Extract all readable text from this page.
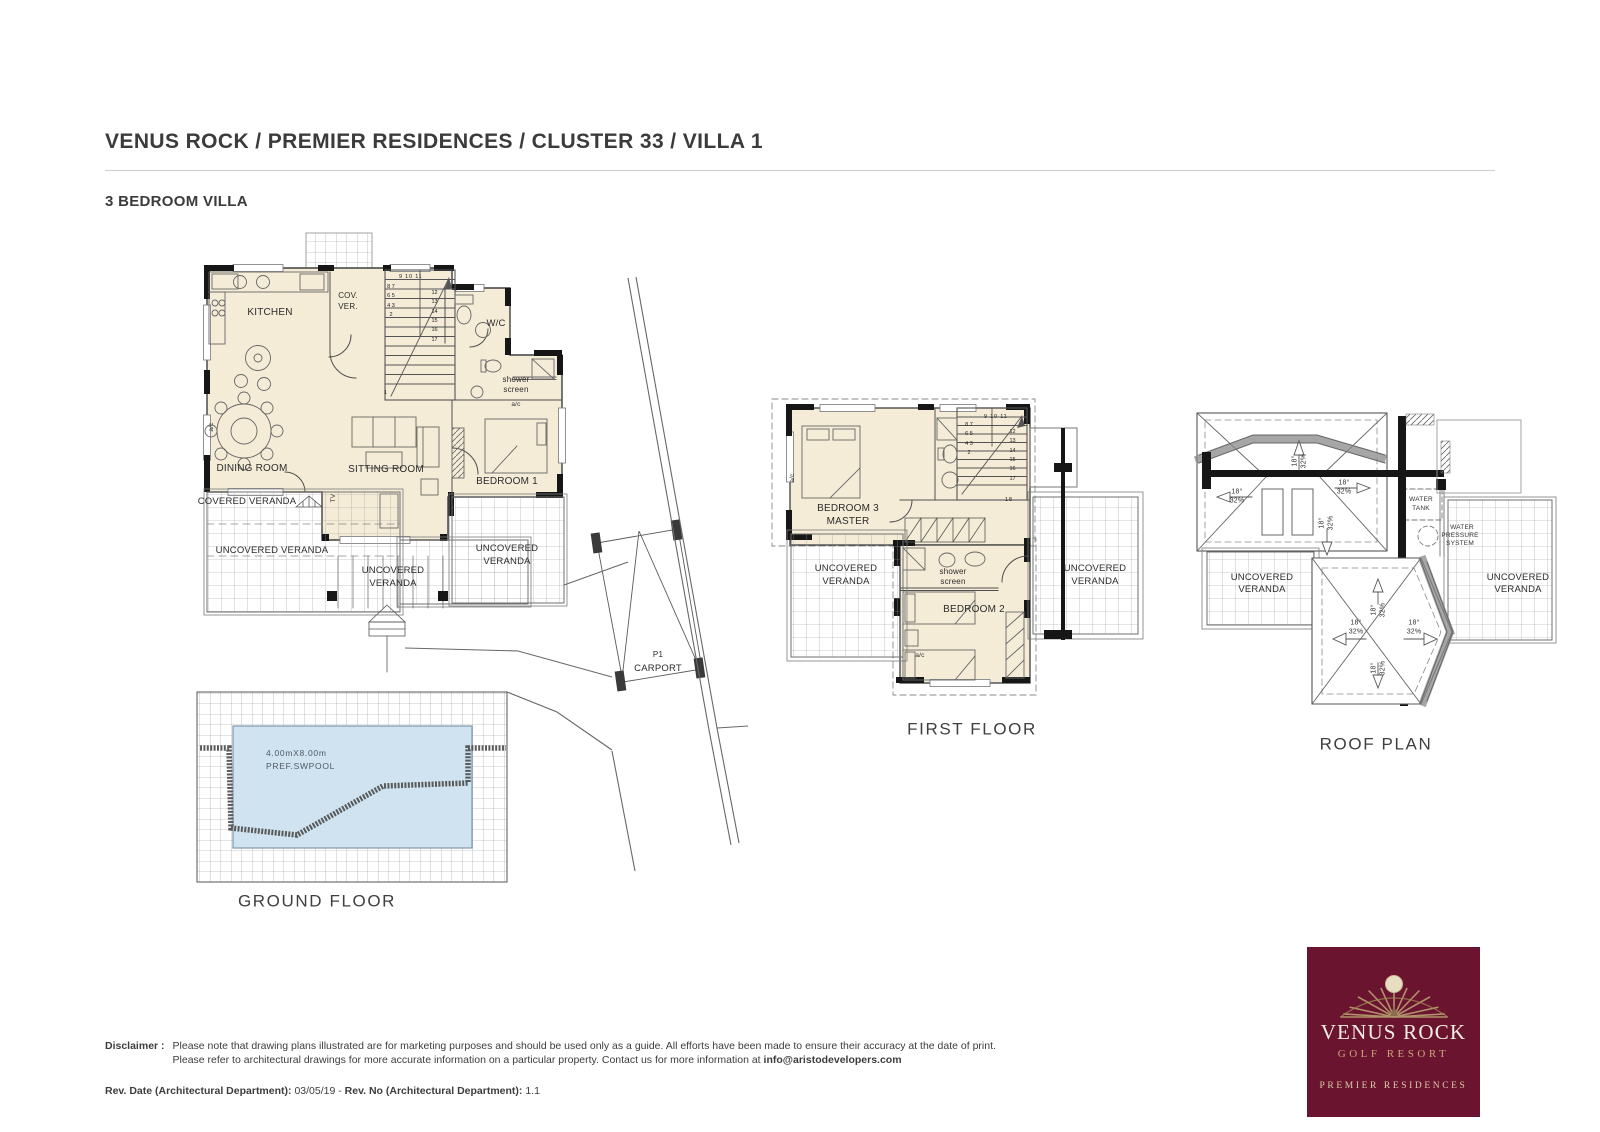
VENUS ROCK / PREMIER RESIDENCES / CLUSTER 33 / VILLA 1
3 BEDROOM VILLA
KITCHEN
COV.
VER.
W/C
shower
screen
a/c
DINING ROOM	SITTING ROOM
BEDROOM 1
TV
a/c
COVERED VERANDA
UNCOVERED VERANDA
UNCOVERED
VERANDA
UNCOVERED
VERANDA
8 7 6 5 4 3 2
1
9 10 11
12 13 14 15 16 17
4.00mX8.00m
PREF.SWPOOL
P1
CARPORT
GROUND FLOOR
BEDROOM 3
MASTER
a/c
shower
screen
BEDROOM 2
a/c
UNCOVERED
VERANDA
UNCOVERED
VERANDA
8 7 6 5 4 3 2
9 10 11
12 13 14 15 16 17
18
FIRST FLOOR
18° 32%
18°
32%
18°
32%
18° 32%
18° 32%
18°
32%
18°
32%
18° 32%
WATER
TANK
WATER
PRESSURE
SYSTEM
UNCOVERED
VERANDA
UNCOVERED
VERANDA
ROOF PLAN
Disclaimer : Please note that drawing plans illustrated are for marketing purposes and should be used only as a guide. All efforts have been made to ensure their accuracy at the date of print.
Please refer to architectural drawings for more accurate information on a particular property. Contact us for more information at info@aristodevelopers.com
Rev. Date (Architectural Department): 03/05/19 - Rev. No (Architectural Department): 1.1
VENUS ROCK
GOLF RESORT
PREMIER RESIDENCES
